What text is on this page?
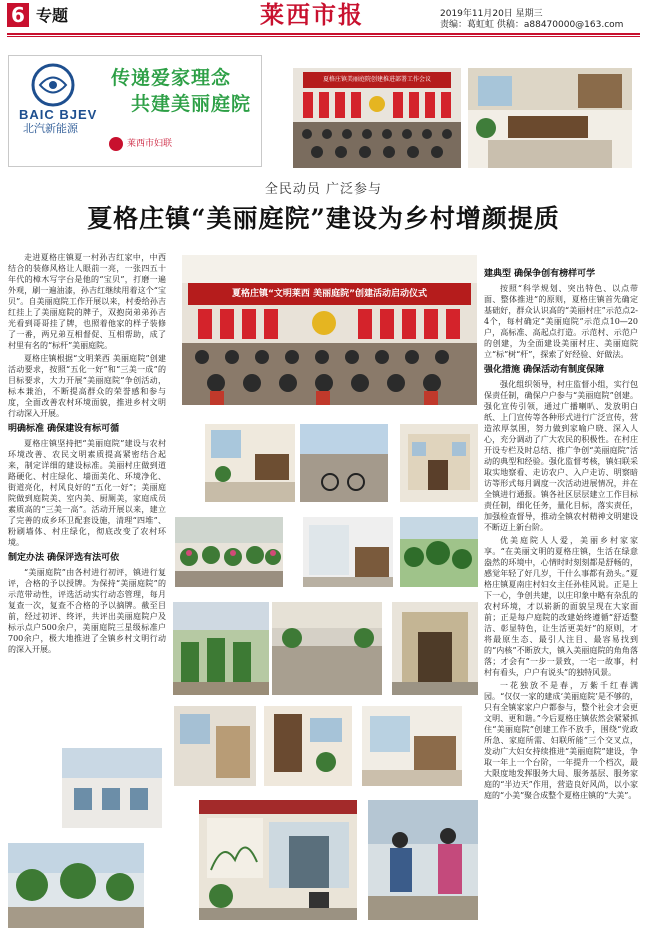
6 专题	莱西市报	2019年11月20日 星期三
责编：葛虹虹 供稿：a88470000@163.com
BAIC BJEV
北汽新能源
传递爱家理念
共建美丽庭院
莱西市妇联
夏格庄镇美丽庭院创建推进部署工作会议
全民动员 广泛参与
夏格庄镇“美丽庭院”建设为乡村增颜提质

走进夏格庄镇夏一村孙吉红家中，中西结合的装修风格让人眼前一亮，一张四五十年代的樟木写字台是他的“宝贝”，打磨一遍外观，刷一遍油漆，孙吉红继续用着这个“宝贝”。自美丽庭院工作开展以来，村委给孙吉红挂上了美丽庭院的牌子，双抱岗弟弟孙吉光看到哥哥挂了牌，也照着他家的样子装修了一番，两兄弟互相督促、互相帮助，成了村里有名的“标杆”美丽庭院。

夏格庄镇根据“文明莱西 美丽庭院”创建活动要求，按照“五化一好”和“三美一成”的目标要求，大力开展“美丽庭院”争创活动，标本兼治，不断提高群众的荣誉感和参与度，全面改善农村环境面貌，推进乡村文明行动深入开展。

明确标准 确保建设有标可循

夏格庄镇坚持把“美丽庭院”建设与农村环境改善、农民文明素质提高紧密结合起来，制定详细的建设标准。美丽村庄做到道路硬化、村庄绿化、墙面美化、环境净化、街道亮化，村风良好的“五化一好”；美丽庭院做到庭院美、室内美、厨厕美，家庭成员素质高的“三美一高”。活动开展以来，建立了完善的成乡环卫配套设施，清理“四堆”、粉刷墙体、村庄绿化，彻底改变了农村环境。

制定办法 确保评选有法可依

“美丽庭院”由各村进行初评，镇进行复评，合格的予以授牌。为保持“美丽庭院”的示范带动性，评选活动实行动态管理，每月复查一次，复查不合格的予以摘牌。截至目前，经过初评、终评，共评出美丽庭院户及标示点户500余户，美丽庭院三星级标准户700余户，极大地推进了全镇乡村文明行动的深入开展。

夏格庄镇“文明莱西 美丽庭院”创建活动启动仪式
建典型 确保争创有榜样可学

按照“科学规划、突出特色、以点带面、整体推进”的原则，夏格庄镇首先确定基础好，群众认识高的“美丽村庄”示范点2-4个，每村确定“美丽庭院”示范点10—20户，高标准、高起点打造。示范村、示范户的创建，为全面建设美丽村庄、美丽庭院立“标”树“杆”，探索了好经验、好做法。

强化措施 确保活动有制度保障

强化组织领导，村庄监督小组，实行包保责任制，确保户户参与“美丽庭院”创建。强化宣传引领，通过广播喇叭、发放明白纸、上门宣传等各种形式进行广泛宣传，营造浓厚氛围，努力做到家喻户晓、深入人心，充分调动了广大农民的积极性。在村庄开设专栏及时总结、推广争创“美丽庭院”活动的典型和经验。强化监督考核，镇妇联采取实地察看、走访农户、入户走访、明察暗访等形式每月调度一次活动进展情况，并在全镇进行通报。镇各社区层层建立工作目标责任制，细化任务，量化目标，落实责任，加强检查督导，推动全镇农村精神文明建设不断迈上新台阶。

优美庭院人人爱，美丽乡村家家享。“在美丽文明的夏格庄镇，生活在绿意盎然的环境中，心情时时刻刻都是舒畅的，感觉年轻了好几岁，干什么事都有劲头。”夏格庄镇夏南庄村妇女主任孙桂风说。正是上下一心，争创共建，以庄印象中略有杂乱的农村环境，才以崭新的面貌呈现在大家面前；正是每户庭院的改建始终遵循“舒适整洁、彰显特色，让生活更美好”的原则，才将最原生态、最引人注目、最容易找到的“内核”不断放大，镇入美丽庭院的角角落落；才会有“一步一景致，一宅一故事，村村有看头，户户有说头”的独特风景。

一花独放不是春，万紫千红春满园。“仅仅一家的建成‘美丽庭院’是不够的，只有全镇家家户户都参与，整个社会才会更文明、更和谐。”今后夏格庄镇依然会紧紧抓住“美丽庭院”创建工作不放手，围绕“党政所急、家庭所需、妇联所能”三个交叉点，发动广大妇女持续推进“美丽庭院”建设，争取一年上一个台阶，一年提升一个档次，最大限度地发挥服务大局、服务基层、服务家庭的“半边天”作用，营造良好风尚，以小家庭的“小美”聚合成整个夏格庄镇的“大美”。
